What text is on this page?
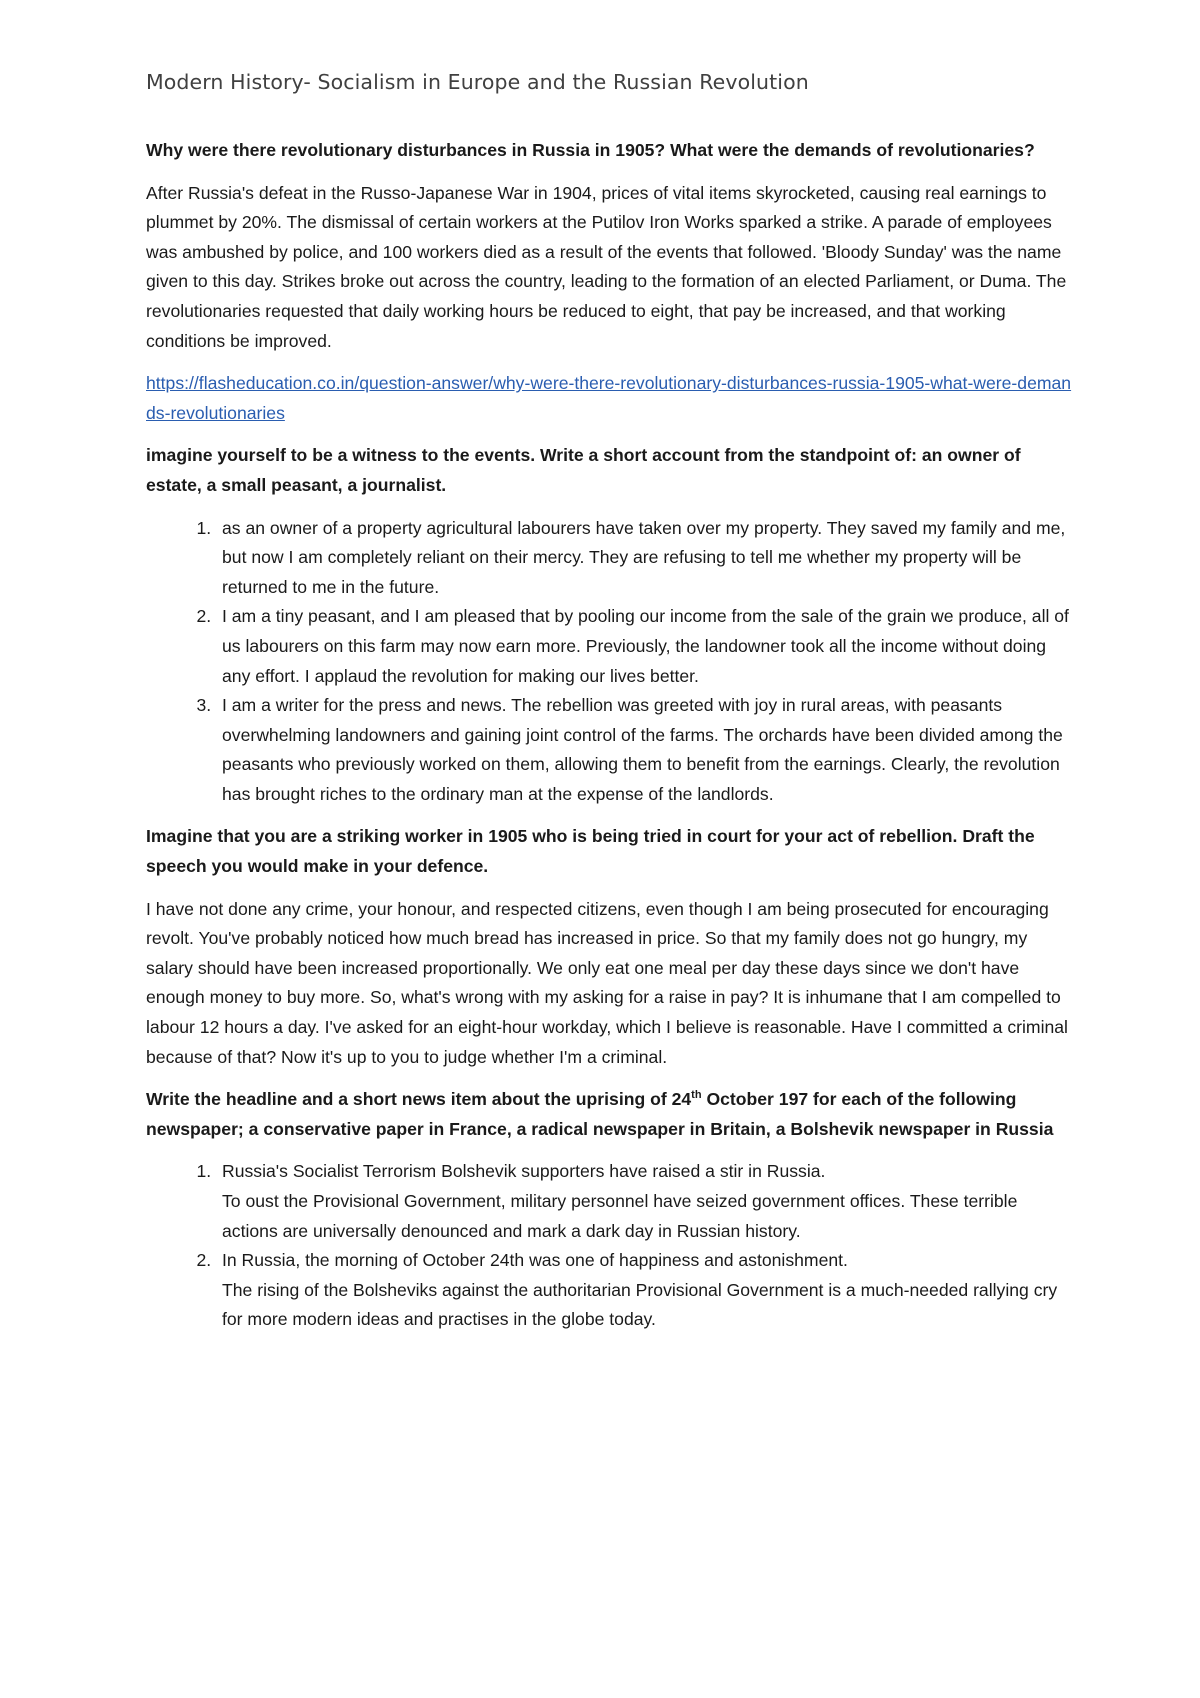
Modern History- Socialism in Europe and the Russian Revolution

Why were there revolutionary disturbances in Russia in 1905? What were the demands of revolutionaries?

After Russia's defeat in the Russo-Japanese War in 1904, prices of vital items skyrocketed, causing real earnings to plummet by 20%. The dismissal of certain workers at the Putilov Iron Works sparked a strike. A parade of employees was ambushed by police, and 100 workers died as a result of the events that followed. 'Bloody Sunday' was the name given to this day. Strikes broke out across the country, leading to the formation of an elected Parliament, or Duma. The revolutionaries requested that daily working hours be reduced to eight, that pay be increased, and that working conditions be improved.

https://flasheducation.co.in/question-answer/why-were-there-revolutionary-disturbances-russia-1905-what-were-demands-revolutionaries

imagine yourself to be a witness to the events. Write a short account from the standpoint of: an owner of estate, a small peasant, a journalist.

1. as an owner of a property agricultural labourers have taken over my property. They saved my family and me, but now I am completely reliant on their mercy. They are refusing to tell me whether my property will be returned to me in the future.
2. I am a tiny peasant, and I am pleased that by pooling our income from the sale of the grain we produce, all of us labourers on this farm may now earn more. Previously, the landowner took all the income without doing any effort. I applaud the revolution for making our lives better.
3. I am a writer for the press and news. The rebellion was greeted with joy in rural areas, with peasants overwhelming landowners and gaining joint control of the farms. The orchards have been divided among the peasants who previously worked on them, allowing them to benefit from the earnings. Clearly, the revolution has brought riches to the ordinary man at the expense of the landlords.

Imagine that you are a striking worker in 1905 who is being tried in court for your act of rebellion. Draft the speech you would make in your defence.

I have not done any crime, your honour, and respected citizens, even though I am being prosecuted for encouraging revolt. You've probably noticed how much bread has increased in price. So that my family does not go hungry, my salary should have been increased proportionally. We only eat one meal per day these days since we don't have enough money to buy more. So, what's wrong with my asking for a raise in pay? It is inhumane that I am compelled to labour 12 hours a day. I've asked for an eight-hour workday, which I believe is reasonable. Have I committed a criminal because of that? Now it's up to you to judge whether I'm a criminal.

Write the headline and a short news item about the uprising of 24th October 197 for each of the following newspaper; a conservative paper in France, a radical newspaper in Britain, a Bolshevik newspaper in Russia

1. Russia's Socialist Terrorism Bolshevik supporters have raised a stir in Russia.
To oust the Provisional Government, military personnel have seized government offices. These terrible actions are universally denounced and mark a dark day in Russian history.
2. In Russia, the morning of October 24th was one of happiness and astonishment.
The rising of the Bolsheviks against the authoritarian Provisional Government is a much-needed rallying cry for more modern ideas and practises in the globe today.
